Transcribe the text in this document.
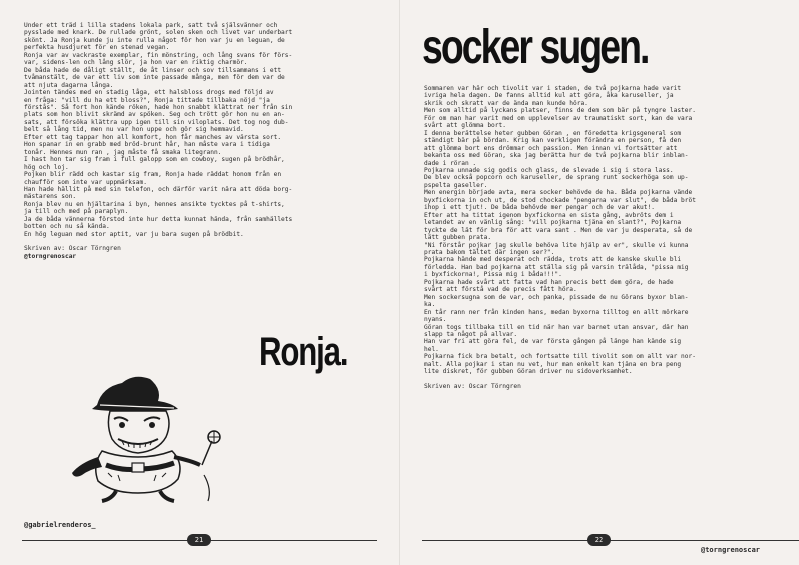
Under ett träd i lilla stadens lokala park, satt två själsvänner och
pysslade med knark. De rullade grönt, solen sken och livet var underbart
skönt. Ja Ronja kunde ju inte rulla något för hon var ju en leguan, de
perfekta husdjuret för en stenad vegan.
Ronja var av vackraste exemplar, fin mönstring, och lång svans för förs-
var, sidens-len och lång slör, ja hon var en riktig charmör.
De båda hade de dåligt ställt, de åt linser och sov tillsammans i ett
tvåmanstält, de var ett liv som inte passade många, men för dem var de
att njuta dagarna långa.
Jointen tändes med en stadig låga, ett halsbloss drogs med följd av
en fråga: "vill du ha ett bloss?", Ronja tittade tillbaka nöjd "ja
förstås". Så fort hon kände röken, hade hon snabbt klättrat ner från sin
plats som hon blivit skrämd av spöken. Seg och trött gör hon nu en an-
sats, att försöka klättra upp igen till sin viloplats. Det tog nog dub-
belt så lång tid, men nu var hon uppe och gör sig hemmavid.
Efter ett tag tappar hon all komfort, hon får manches av värsta sort.
Hon spanar in en grabb med bröd-brunt hår, han måste vara i tidiga
tonår. Hennes mun ran , jag måste få smaka litegrann.
I hast hon tar sig fram i full galopp som en cowboy, sugen på brödhår,
hög och loj.
Pojken blir rädd och kastar sig fram, Ronja hade räddat honom från en
chaufför som inte var uppmärksam.
Han hade hällit på med sin telefon, och därför varit nära att döda borg-
mästarens son.
Ronja blev nu en hjältarina i byn, hennes ansikte tycktes på t-shirts,
ja till och med på paraplyn.
Ja de båda vännerna förstod inte hur detta kunnat hända, från samhällets
botten och nu så kända.
En hög leguan med stor aptit, var ju bara sugen på brödbit.
Skriven av: Oscar Törngren
@torngrenoscar
Ronja.
@gabrielrenderos_
21
socker sugen.
Sommaren var här och tivolit var i staden, de två pojkarna hade varit
ivriga hela dagen. De fanns alltid kul att göra, åka karuseller, ja
skrik och skratt var de ända man kunde höra.
Men som alltid på lyckans platser, finns de dem som bär på tyngre laster.
För om man har varit med om upplevelser av traumatiskt sort, kan de vara
svårt att glömma bort.
I denna berättelse heter gubben Göran , en föredetta krigsgeneral som
ständigt bär på bördan. Krig kan verkligen förändra en person, få den
att glömma bort ens drömmar och passion. Men innan vi fortsätter att
bekanta oss med Göran, ska jag berätta hur de två pojkarna blir inblan-
dade i röran .
Pojkarna unnade sig godis och glass, de slevade i sig i stora lass.
De blev också popcorn och karuseller, de sprang runt sockerhöga som up-
pspelta gaseller.
Men energin började avta, mera socker behövde de ha. Båda pojkarna vände
byxfickorna in och ut, de stod chockade "pengarna var slut", de båda bröt
ihop i ett tjut!. De båda behövde mer pengar och de var akut!.
Efter att ha tittat igenom byxfickorna en sista gång, avbröts dem i
letandet av en vänlig sång: "vill pojkarna tjäna en slant?", Pojkarna
tyckte de lät för bra för att vara sant . Men de var ju desperata, så de
lätt gubben prata.
"Ni förstår pojkar jag skulle behöva lite hjälp av er", skulle vi kunna
prata bakom tältet där ingen ser?".
Pojkarna hände med desperat och rädda, trots att de kanske skulle bli
förledda. Han bad pojkarna att ställa sig på varsin trälåda, "pissa mig
i byxfickorna!, Pissa mig i båda!!!".
Pojkarna hade svårt att fatta vad han precis bett dem göra, de hade
svårt att förstå vad de precis fått höra.
Men sockersugna som de var, och panka, pissade de nu Görans byxor blan-
ka.
En tår rann ner från kinden hans, medan byxorna tilltog en allt mörkare
nyans.
Göran togs tillbaka till en tid när han var barnet utan ansvar, där han
slapp ta något på allvar.
Han var fri att göra fel, de var första gången på länge han kände sig
hel.
Pojkarna fick bra betalt, och fortsatte till tivolit som om allt var nor-
malt. Alla pojkar i stan nu vet, hur man enkelt kan tjäna en bra peng
lite diskret, för gubben Göran driver nu sidoverksamhet.
Skriven av: Oscar Törngren
22
@torngrenoscar
